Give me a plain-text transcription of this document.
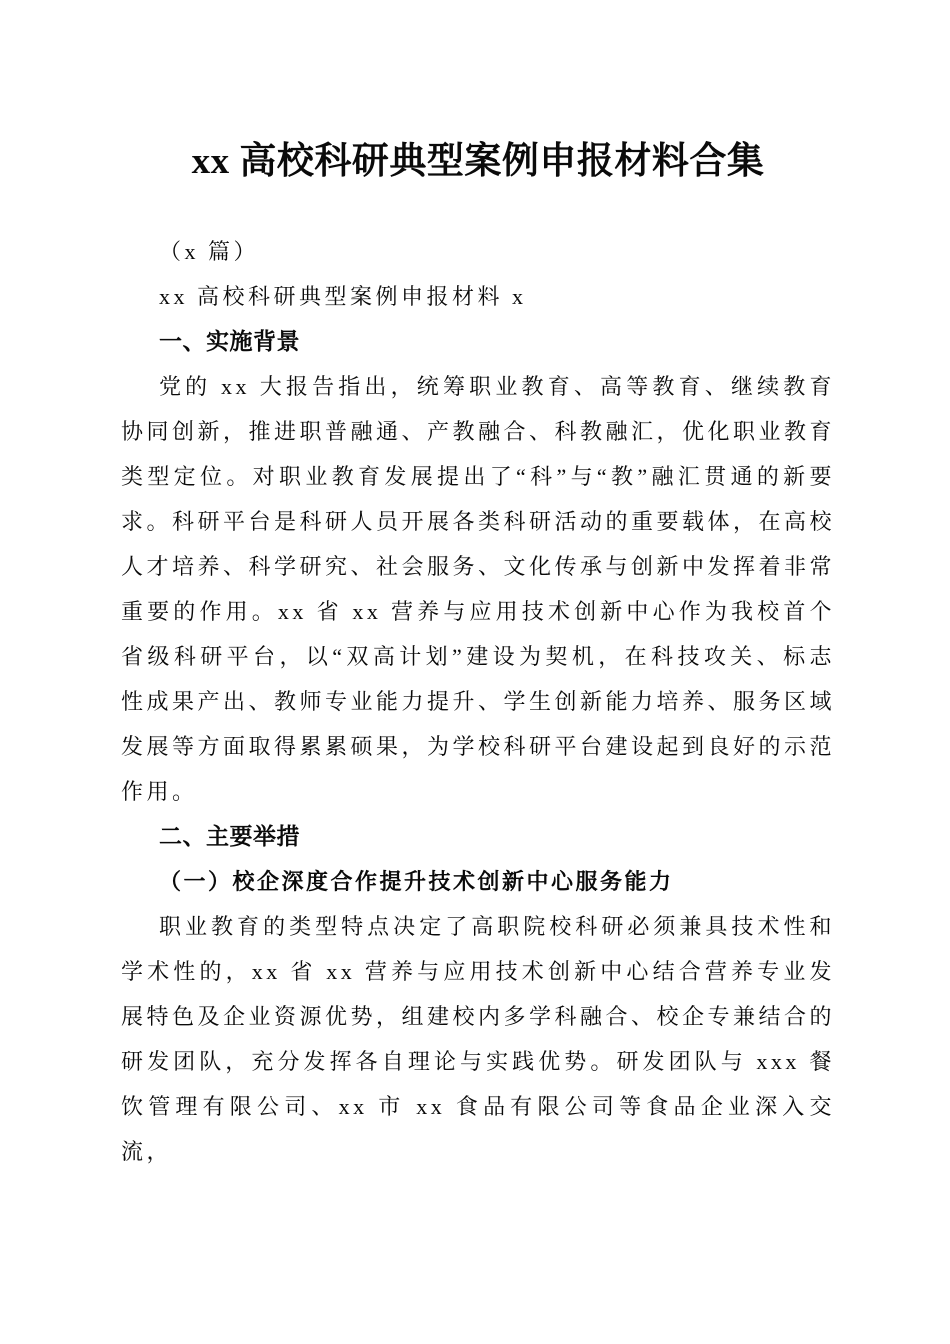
xx 高校科研典型案例申报材料合集

（x 篇）

xx 高校科研典型案例申报材料 x

一、实施背景

党的 xx 大报告指出，统筹职业教育、高等教育、继续教育协同创新，推进职普融通、产教融合、科教融汇，优化职业教育类型定位。对职业教育发展提出了“科”与“教”融汇贯通的新要求。科研平台是科研人员开展各类科研活动的重要载体，在高校人才培养、科学研究、社会服务、文化传承与创新中发挥着非常重要的作用。xx 省 xx 营养与应用技术创新中心作为我校首个省级科研平台，以“双高计划”建设为契机，在科技攻关、标志性成果产出、教师专业能力提升、学生创新能力培养、服务区域发展等方面取得累累硕果，为学校科研平台建设起到良好的示范作用。

二、主要举措
（一）校企深度合作提升技术创新中心服务能力

职业教育的类型特点决定了高职院校科研必须兼具技术性和学术性的，xx 省 xx 营养与应用技术创新中心结合营养专业发展特色及企业资源优势，组建校内多学科融合、校企专兼结合的研发团队，充分发挥各自理论与实践优势。研发团队与 xxx 餐饮管理有限公司、xx 市 xx 食品有限公司等食品企业深入交流，
